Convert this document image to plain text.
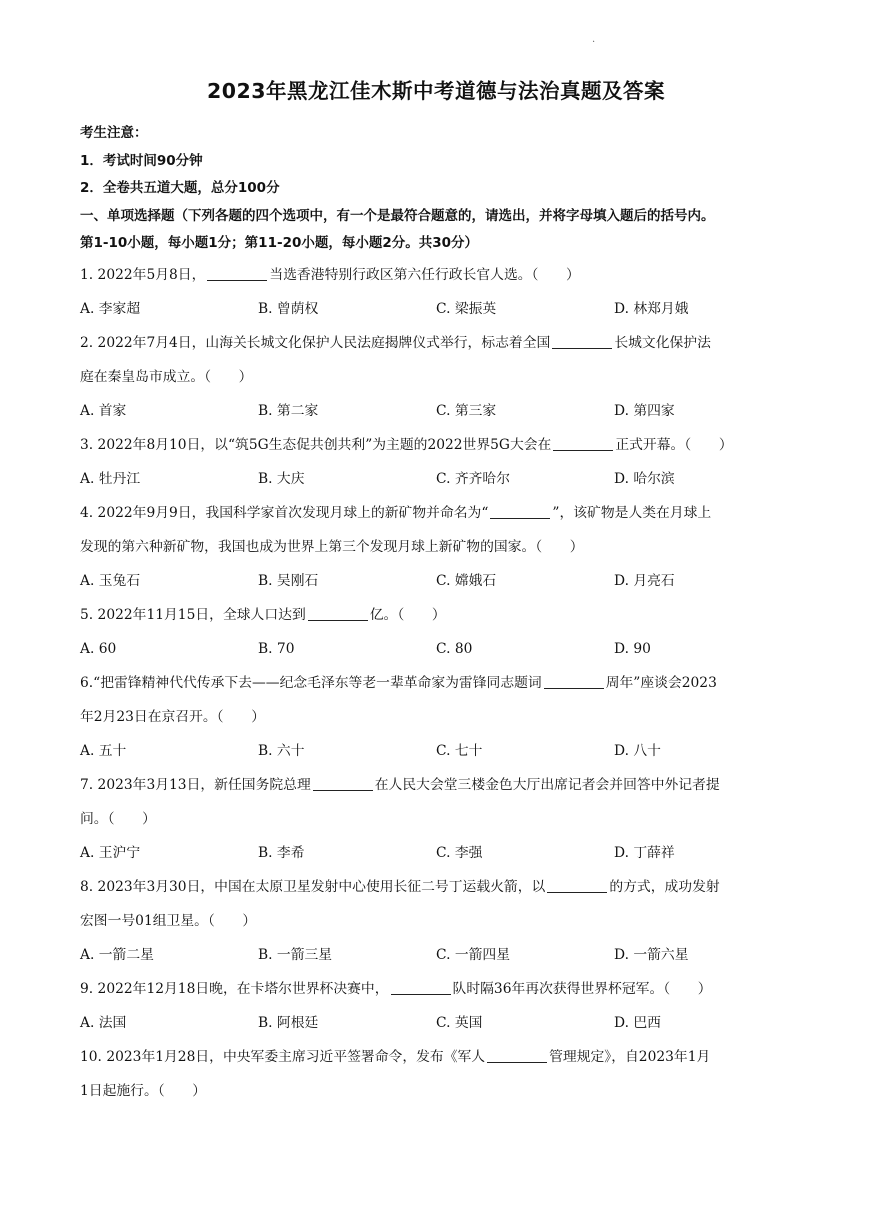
.
2023年黑龙江佳木斯中考道德与法治真题及答案
考生注意：
1．考试时间90分钟
2．全卷共五道大题，总分100分
一、单项选择题（下列各题的四个选项中，有一个是最符合题意的，请选出，并将字母填入题后的括号内。
第1-10小题，每小题1分；第11-20小题，每小题2分。共30分）
1. 2022年5月8日，	当选香港特别行政区第六任行政长官人选。（　　）
A. 李家超	B. 曾荫权	C. 梁振英	D. 林郑月娥
2. 2022年7月4日，山海关长城文化保护人民法庭揭牌仪式举行，标志着全国	长城文化保护法
庭在秦皇岛市成立。（　　）
A. 首家	B. 第二家	C. 第三家	D. 第四家
3. 2022年8月10日，以“筑5G生态促共创共利”为主题的2022世界5G大会在	正式开幕。（　　）
A. 牡丹江	B. 大庆	C. 齐齐哈尔	D. 哈尔滨
4. 2022年9月9日，我国科学家首次发现月球上的新矿物并命名为“	”，该矿物是人类在月球上
发现的第六种新矿物，我国也成为世界上第三个发现月球上新矿物的国家。（　　）
A. 玉兔石	B. 吴刚石	C. 嫦娥石	D. 月亮石
5. 2022年11月15日，全球人口达到	亿。（　　）
A. 60	B. 70	C. 80	D. 90
6.“把雷锋精神代代传承下去——纪念毛泽东等老一辈革命家为雷锋同志题词	周年”座谈会2023
年2月23日在京召开。（　　）
A. 五十	B. 六十	C. 七十	D. 八十
7. 2023年3月13日，新任国务院总理	在人民大会堂三楼金色大厅出席记者会并回答中外记者提
问。（　　）
A. 王沪宁	B. 李希	C. 李强	D. 丁薛祥
8. 2023年3月30日，中国在太原卫星发射中心使用长征二号丁运载火箭，以	的方式，成功发射
宏图一号01组卫星。（　　）
A. 一箭二星	B. 一箭三星	C. 一箭四星	D. 一箭六星
9. 2022年12月18日晚，在卡塔尔世界杯决赛中，	队时隔36年再次获得世界杯冠军。（　　）
A. 法国	B. 阿根廷	C. 英国	D. 巴西
10. 2023年1月28日，中央军委主席习近平签署命令，发布《军人	管理规定》，自2023年1月
1日起施行。（　　）
